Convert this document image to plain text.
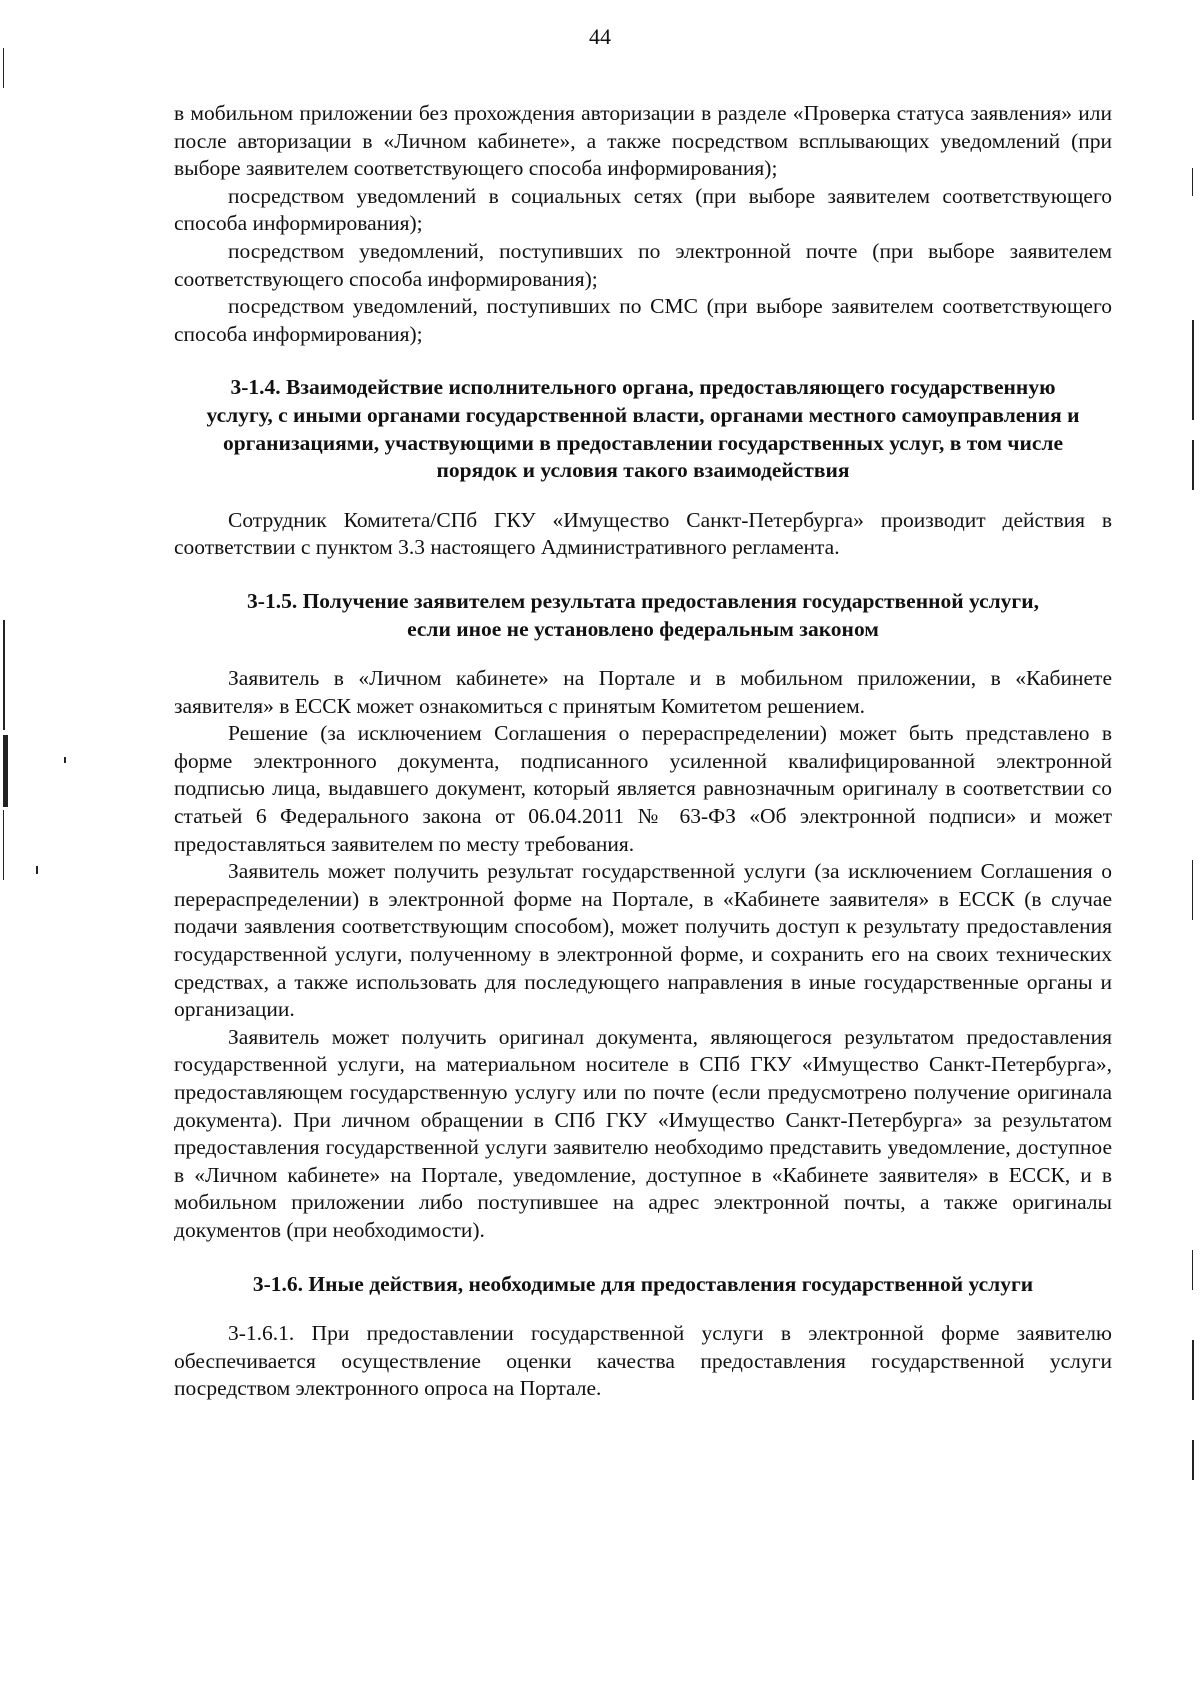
44

в мобильном приложении без прохождения авторизации в разделе «Проверка статуса заявления» или после авторизации в «Личном кабинете», а также посредством всплывающих уведомлений (при выборе заявителем соответствующего способа информирования);

посредством уведомлений в социальных сетях (при выборе заявителем соответствующего способа информирования);

посредством уведомлений, поступивших по электронной почте (при выборе заявителем соответствующего способа информирования);

посредством уведомлений, поступивших по СМС (при выборе заявителем соответствующего способа информирования);

3-1.4. Взаимодействие исполнительного органа, предоставляющего государственную услугу, с иными органами государственной власти, органами местного самоуправления и организациями, участвующими в предоставлении государственных услуг, в том числе порядок и условия такого взаимодействия

Сотрудник Комитета/СПб ГКУ «Имущество Санкт-Петербурга» производит действия в соответствии с пунктом 3.3 настоящего Административного регламента.

3-1.5. Получение заявителем результата предоставления государственной услуги, если иное не установлено федеральным законом

Заявитель в «Личном кабинете» на Портале и в мобильном приложении, в «Кабинете заявителя» в ЕССК может ознакомиться с принятым Комитетом решением.

Решение (за исключением Соглашения о перераспределении) может быть представлено в форме электронного документа, подписанного усиленной квалифицированной электронной подписью лица, выдавшего документ, который является равнозначным оригиналу в соответствии со статьей 6 Федерального закона от 06.04.2011 № 63-ФЗ «Об электронной подписи» и может предоставляться заявителем по месту требования.

Заявитель может получить результат государственной услуги (за исключением Соглашения о перераспределении) в электронной форме на Портале, в «Кабинете заявителя» в ЕССК (в случае подачи заявления соответствующим способом), может получить доступ к результату предоставления государственной услуги, полученному в электронной форме, и сохранить его на своих технических средствах, а также использовать для последующего направления в иные государственные органы и организации.

Заявитель может получить оригинал документа, являющегося результатом предоставления государственной услуги, на материальном носителе в СПб ГКУ «Имущество Санкт-Петербурга», предоставляющем государственную услугу или по почте (если предусмотрено получение оригинала документа). При личном обращении в СПб ГКУ «Имущество Санкт-Петербурга» за результатом предоставления государственной услуги заявителю необходимо представить уведомление, доступное в «Личном кабинете» на Портале, уведомление, доступное в «Кабинете заявителя» в ЕССК, и в мобильном приложении либо поступившее на адрес электронной почты, а также оригиналы документов (при необходимости).

3-1.6. Иные действия, необходимые для предоставления государственной услуги

3-1.6.1. При предоставлении государственной услуги в электронной форме заявителю обеспечивается осуществление оценки качества предоставления государственной услуги посредством электронного опроса на Портале.
